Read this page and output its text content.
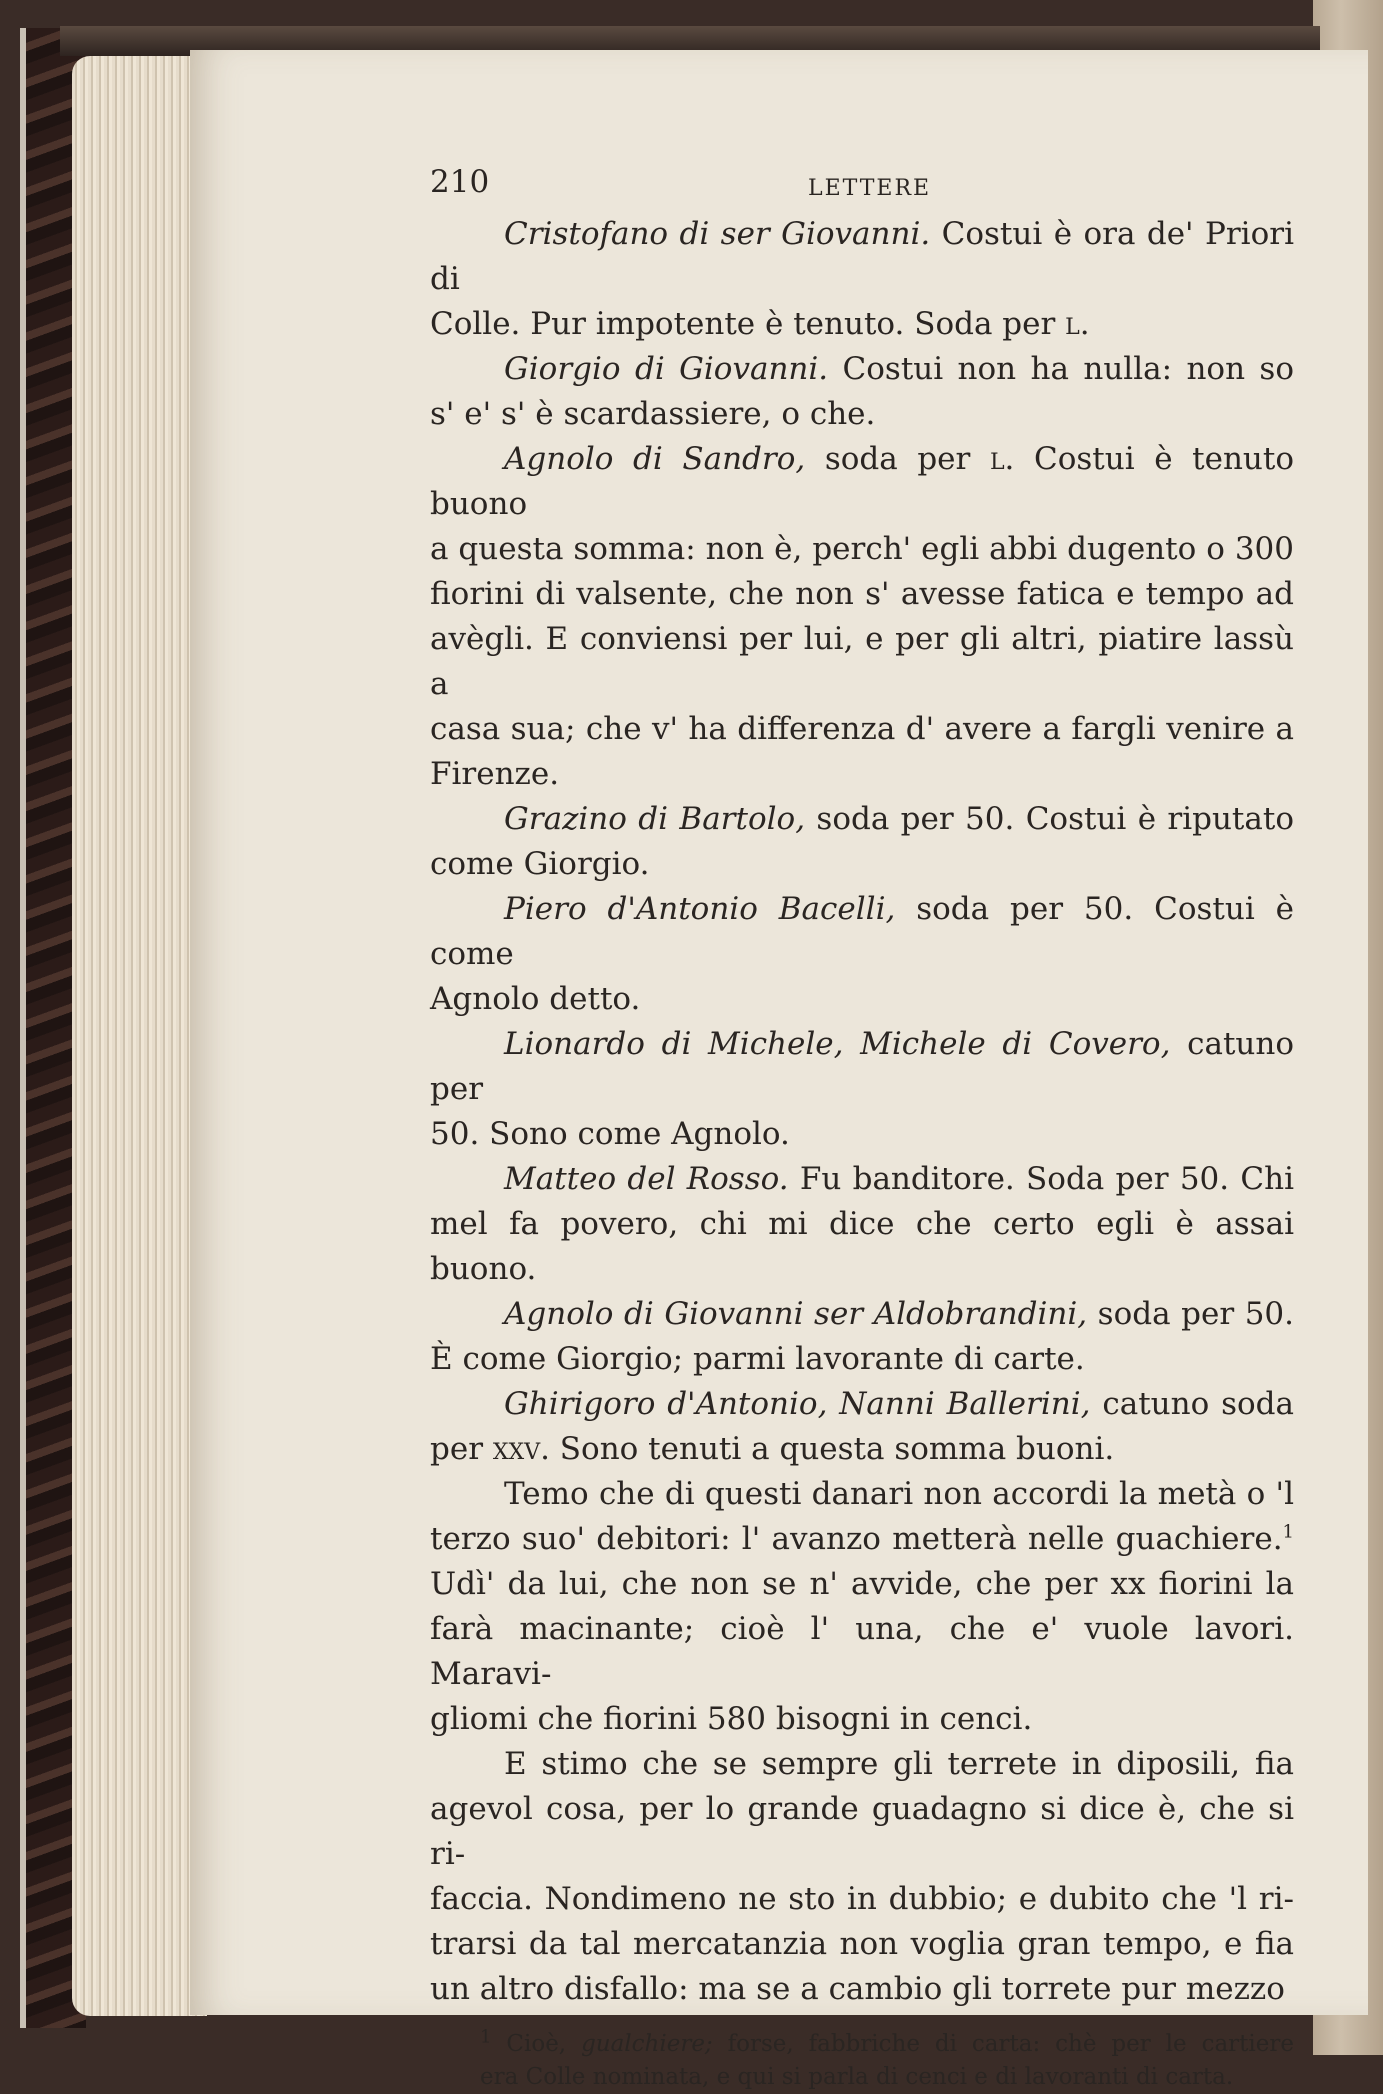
210	LETTERE

Cristofano di ser Giovanni. Costui è ora de' Priori di

Colle. Pur impotente è tenuto. Soda per l.

Giorgio di Giovanni. Costui non ha nulla: non so

s' e' s' è scardassiere, o che.

Agnolo di Sandro, soda per l. Costui è tenuto buono

a questa somma: non è, perch' egli abbi dugento o 300

fiorini di valsente, che non s' avesse fatica e tempo ad

avègli. E conviensi per lui, e per gli altri, piatire lassù a

casa sua; che v' ha differenza d' avere a fargli venire a

Firenze.

Grazino di Bartolo, soda per 50. Costui è riputato

come Giorgio.

Piero d'Antonio Bacelli, soda per 50. Costui è come

Agnolo detto.

Lionardo di Michele, Michele di Covero, catuno per

50. Sono come Agnolo.

Matteo del Rosso. Fu banditore. Soda per 50. Chi

mel fa povero, chi mi dice che certo egli è assai buono.

Agnolo di Giovanni ser Aldobrandini, soda per 50.

È come Giorgio; parmi lavorante di carte.

Ghirigoro d'Antonio, Nanni Ballerini, catuno soda

per xxv. Sono tenuti a questa somma buoni.

Temo che di questi danari non accordi la metà o 'l

terzo suo' debitori: l' avanzo metterà nelle guachiere.$^1$

Udì' da lui, che non se n' avvide, che per xx fiorini la

farà macinante; cioè l' una, che e' vuole lavori. Maravi-

gliomi che fiorini 580 bisogni in cenci.

E stimo che se sempre gli terrete in diposili, fia

agevol cosa, per lo grande guadagno si dice è, che si ri-

faccia. Nondimeno ne sto in dubbio; e dubito che 'l ri-

trarsi da tal mercatanzia non voglia gran tempo, e fia

un altro disfallo: ma se a cambio gli torrete pur mezzo

$^1$ Cioè, gualchiere; forse, fabbriche di carta: chè per le cartiere

era Colle nominata, e qui si parla di cenci e di lavoranti di carta.
